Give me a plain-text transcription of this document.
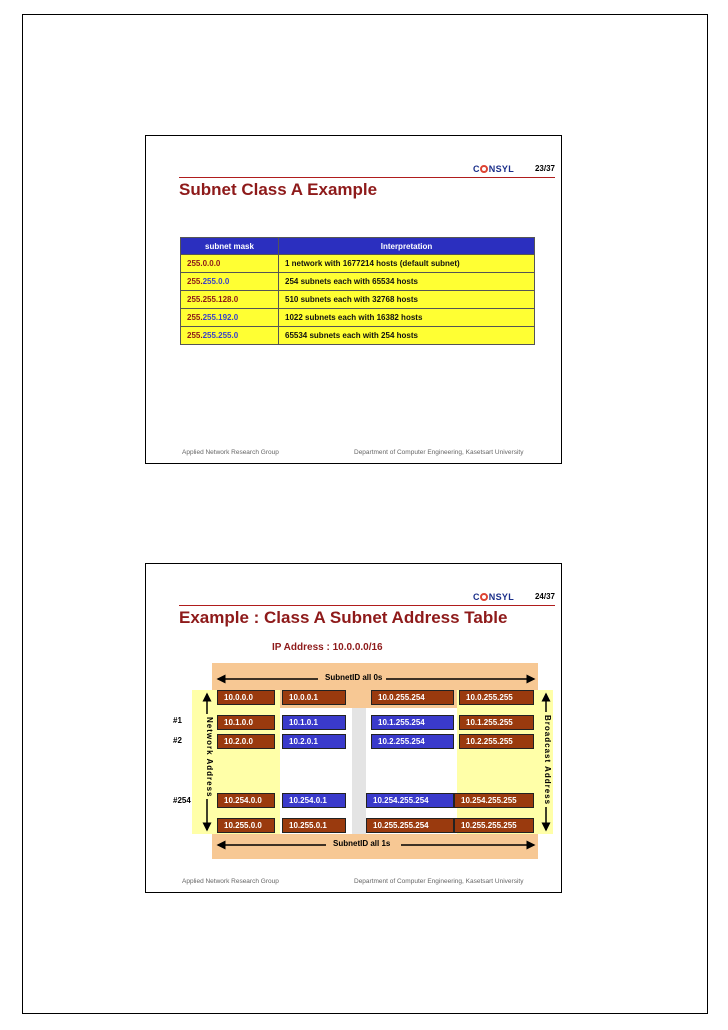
C NSYL	23/37
Subnet Class A Example
subnet mask	Interpretation
255.0.0.0	1 network with 1677214 hosts (default subnet)
255.255.0.0	254 subnets each with 65534 hosts
255.255.128.0	510 subnets each with 32768 hosts
255.255.192.0	1022 subnets each with 16382 hosts
255.255.255.0	65534 subnets each with 254 hosts
Applied Network Research Group	Department of Computer Engineering, Kasetsart University
C NSYL	24/37
Example : Class A Subnet Address Table
IP Address : 10.0.0.0/16
SubnetID all 0s
SubnetID all 1s
Network Address	Broadcast Address
#1
#2
#254
10.0.0.0	10.0.0.1	10.0.255.254	10.0.255.255
10.1.0.0	10.1.0.1	10.1.255.254	10.1.255.255
10.2.0.0	10.2.0.1	10.2.255.254	10.2.255.255
10.254.0.0	10.254.0.1	10.254.255.254	10.254.255.255
10.255.0.0	10.255.0.1	10.255.255.254	10.255.255.255
Applied Network Research Group	Department of Computer Engineering, Kasetsart University
